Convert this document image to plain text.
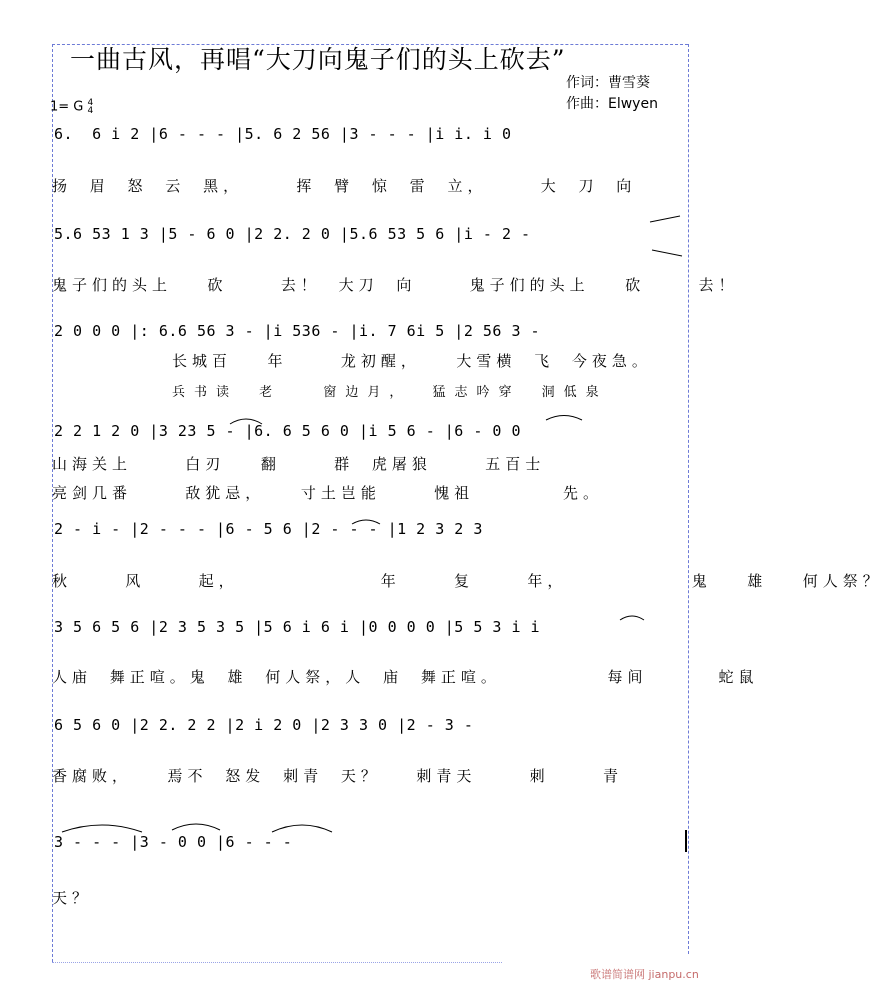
一曲古风，再唱“大刀向鬼子们的头上砍去”
作词：曹雪葵
作曲：Elwyen
1= G 4
4
6.  6 i 2 |6 - - - |5. 6 2 56 |3 - - - |i i. i 0
扬 眉 怒 云 黑，   挥 臂 惊 雷 立，   大 刀 向
5.6 53 1 3 |5 - 6 0 |2 2. 2 0 |5.6 53 5 6 |i - 2 -
鬼子们的头上  砍   去！ 大刀 向   鬼子们的头上  砍   去！
2 0 0 0 |: 6.6 56 3 - |i 536 - |i. 7 6i 5 |2 56 3 -
长城百  年   龙初醒，  大雪横 飞 今夜急。
兵书读 老  窗边月， 猛志吟穿 洞低泉
2 2 1 2 0 |3 23 5 - |6. 6 5 6 0 |i 5 6 - |6 - 0 0
山海关上   白刃  翻   群 虎屠狼   五百士
亮剑几番   敌犹忌，  寸土岂能   愧祖     先。
2 - i - |2 - - - |6 - 5 6 |2 - - - |1 2 3 2 3
秋   风   起，        年   复   年，       鬼  雄  何人祭？
3 5 6 5 6 |2 3 5 3 5 |5 6 i 6 i |0 0 0 0 |5 5 3 i i
人庙 舞正喧。鬼 雄 何人祭，人 庙 舞正喧。      每间    蛇鼠
6 5 6 0 |2 2. 2 2 |2 i 2 0 |2 3 3 0 |2 - 3 -
香腐败，  焉不 怒发 刺青 天？  刺青天   刺   青
3 - - - |3 - 0 0 |6 - - -
天？
歌谱简谱网 jianpu.cn
